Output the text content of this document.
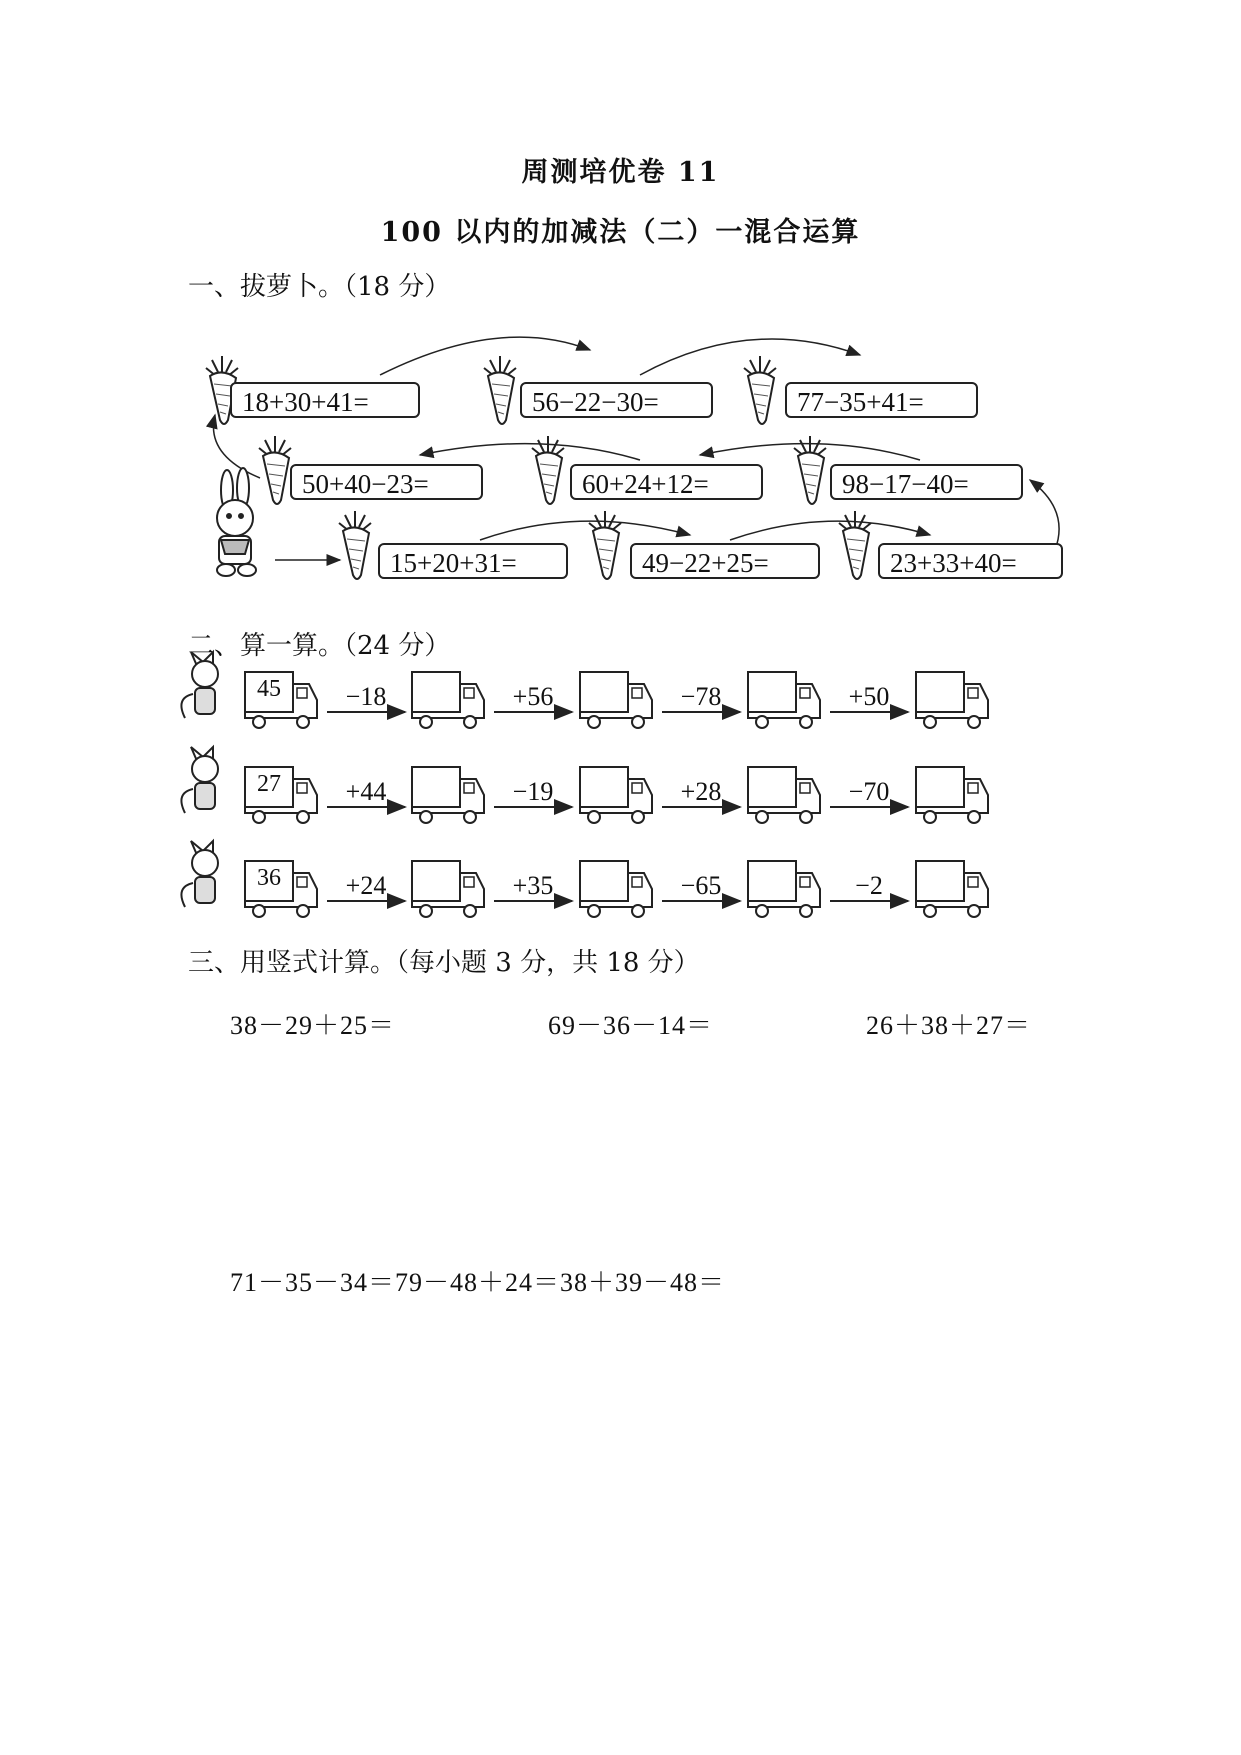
周测培优卷 11
100 以内的加减法（二）一混合运算
一、拔萝卜。（18 分）
18+30+41=	56−22−30=	77−35+41=
50+40−23=	60+24+12=	98−17−40=
15+20+31=	49−22+25=	23+33+40=
二、算一算。（24 分）
45	−18	+56	−78	+50
27	+44	−19	+28	−70
36	+24	+35	−65	−2
三、用竖式计算。（每小题 3 分，共 18 分）
38－29＋25＝	69－36－14＝	26＋38＋27＝
71－35－34＝79－48＋24＝38＋39－48＝
